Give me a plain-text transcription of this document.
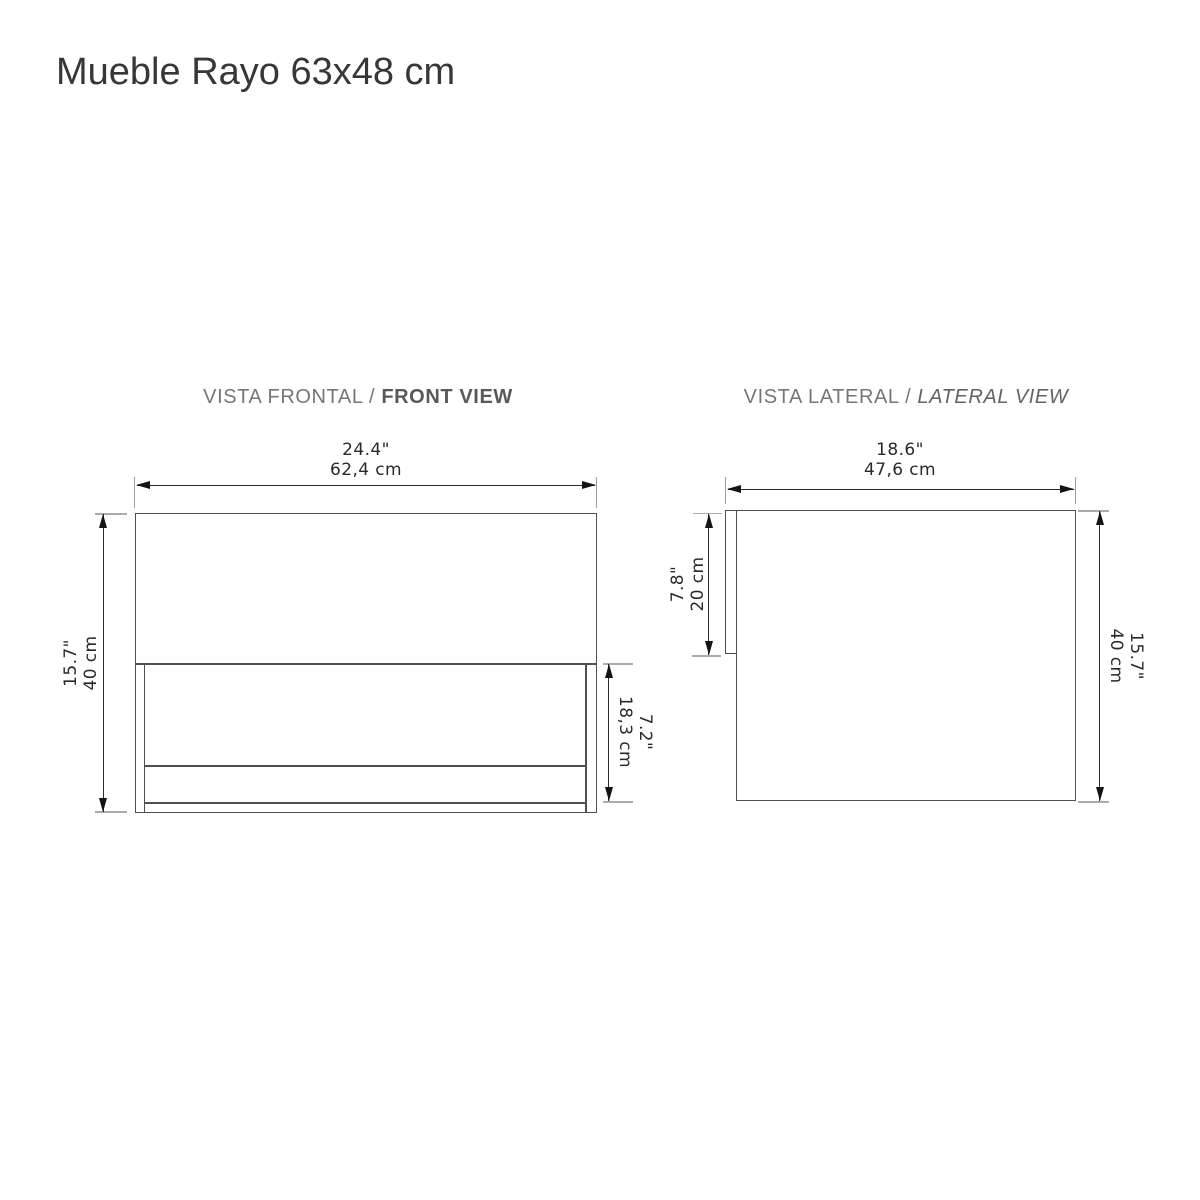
Mueble Rayo 63x48 cm
VISTA FRONTAL / FRONT VIEW	VISTA LATERAL / LATERAL VIEW
24.4"
62,4 cm
15.7" 40 cm
7.2"
18,3 cm
18.6"
47,6 cm
7.8" 20 cm
15.7"
40 cm
